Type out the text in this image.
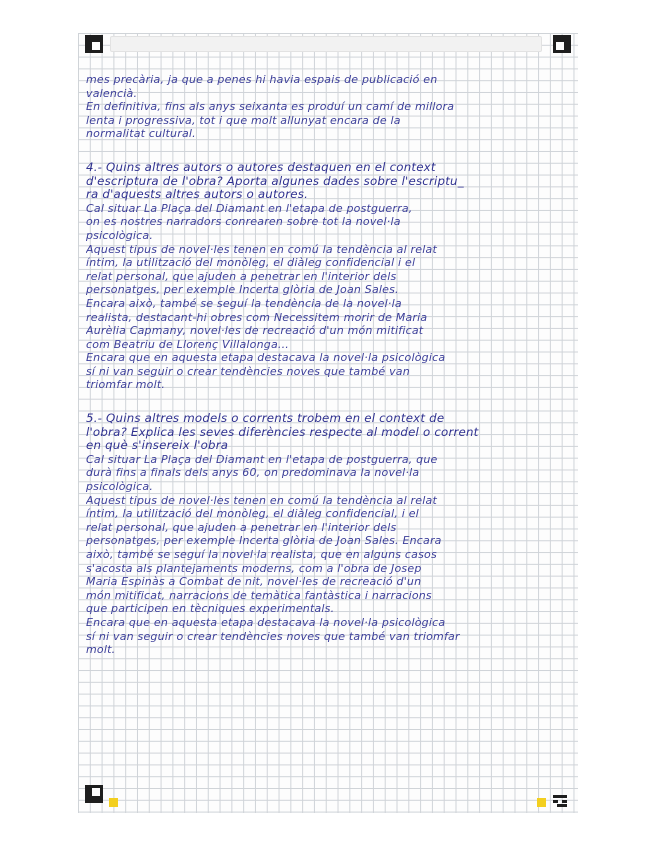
mes precària, ja que a penes hi havia espais de publicació en
valencià.
En definitiva, fins als anys seixanta es produí un camí de millora
lenta i progressiva, tot i que molt allunyat encara de la
normalitat cultural.
4.- Quins altres autors o autores destaquen en el context
d'escriptura de l'obra? Aporta algunes dades sobre l'escriptu_
ra d'aquests altres autors o autores.
Cal situar La Plaça del Diamant en l'etapa de postguerra,
on es nostres narradors conrearen sobre tot la novel·la
psicològica.
Aquest tipus de novel·les tenen en comú la tendència al relat
íntim, la utilització del monòleg, el diàleg confidencial i el
relat personal, que ajuden a penetrar en l'interior dels
personatges, per exemple Incerta glòria de Joan Sales.
Encara això, també se seguí la tendència de la novel·la
realista, destacant-hi obres com Necessitem morir de Maria
Aurèlia Capmany, novel·les de recreació d'un món mitificat
com Beatriu de Llorenç Villalonga...
Encara que en aquesta etapa destacava la novel·la psicològica
sí ni van seguir o crear tendències noves que també van
triomfar molt.
5.- Quins altres models o corrents trobem en el context de
l'obra? Explica les seves diferències respecte al model o corrent
en què s'insereix l'obra
Cal situar La Plaça del Diamant en l'etapa de postguerra, que
durà fins a finals dels anys 60, on predominava la novel·la
psicològica.
Aquest tipus de novel·les tenen en comú la tendència al relat
íntim, la utilització del monòleg, el diàleg confidencial, i el
relat personal, que ajuden a penetrar en l'interior dels
personatges, per exemple Incerta glòria de Joan Sales. Encara
això, també se seguí la novel·la realista, que en alguns casos
s'acosta als plantejaments moderns, com a l'obra de Josep
Maria Espinàs a Combat de nit, novel·les de recreació d'un
món mitificat, narracions de temàtica fantàstica i narracions
que participen en tècniques experimentals.
Encara que en aquesta etapa destacava la novel·la psicològica
sí ni van seguir o crear tendències noves que també van triomfar
molt.
